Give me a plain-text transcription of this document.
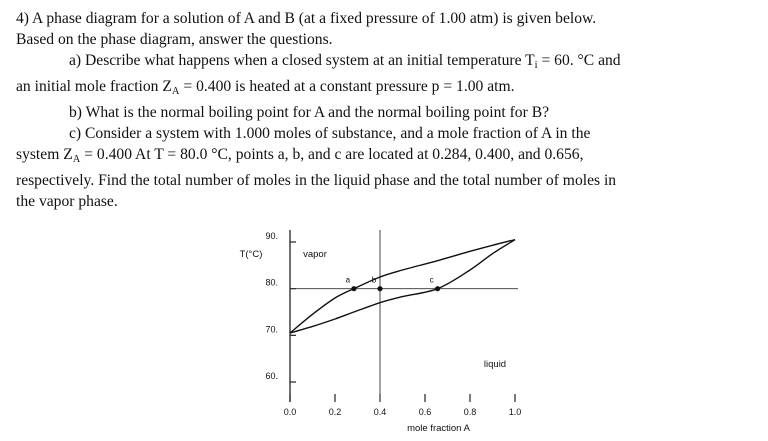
4) A phase diagram for a solution of A and B (at a fixed pressure of 1.00 atm) is given below.

Based on the phase diagram, answer the questions.

a) Describe what happens when a closed system at an initial temperature $T_i = 60$. °C and

an initial mole fraction $Z_A = 0.400$ is heated at a constant pressure p = 1.00 atm.

b) What is the normal boiling point for A and the normal boiling point for B?

c) Consider a system with 1.000 moles of substance, and a mole fraction of A in the

system $Z_A = 0.400$ At T = 80.0 °C, points a, b, and c are located at 0.284, 0.400, and 0.656,

respectively. Find the total number of moles in the liquid phase and the total number of moles in

the vapor phase.

60.
70.
80.
90.
T(°C)
0.0	0.2	0.4	0.6	0.8	1.0
mole fraction A
a	b	c
vapor
liquid
